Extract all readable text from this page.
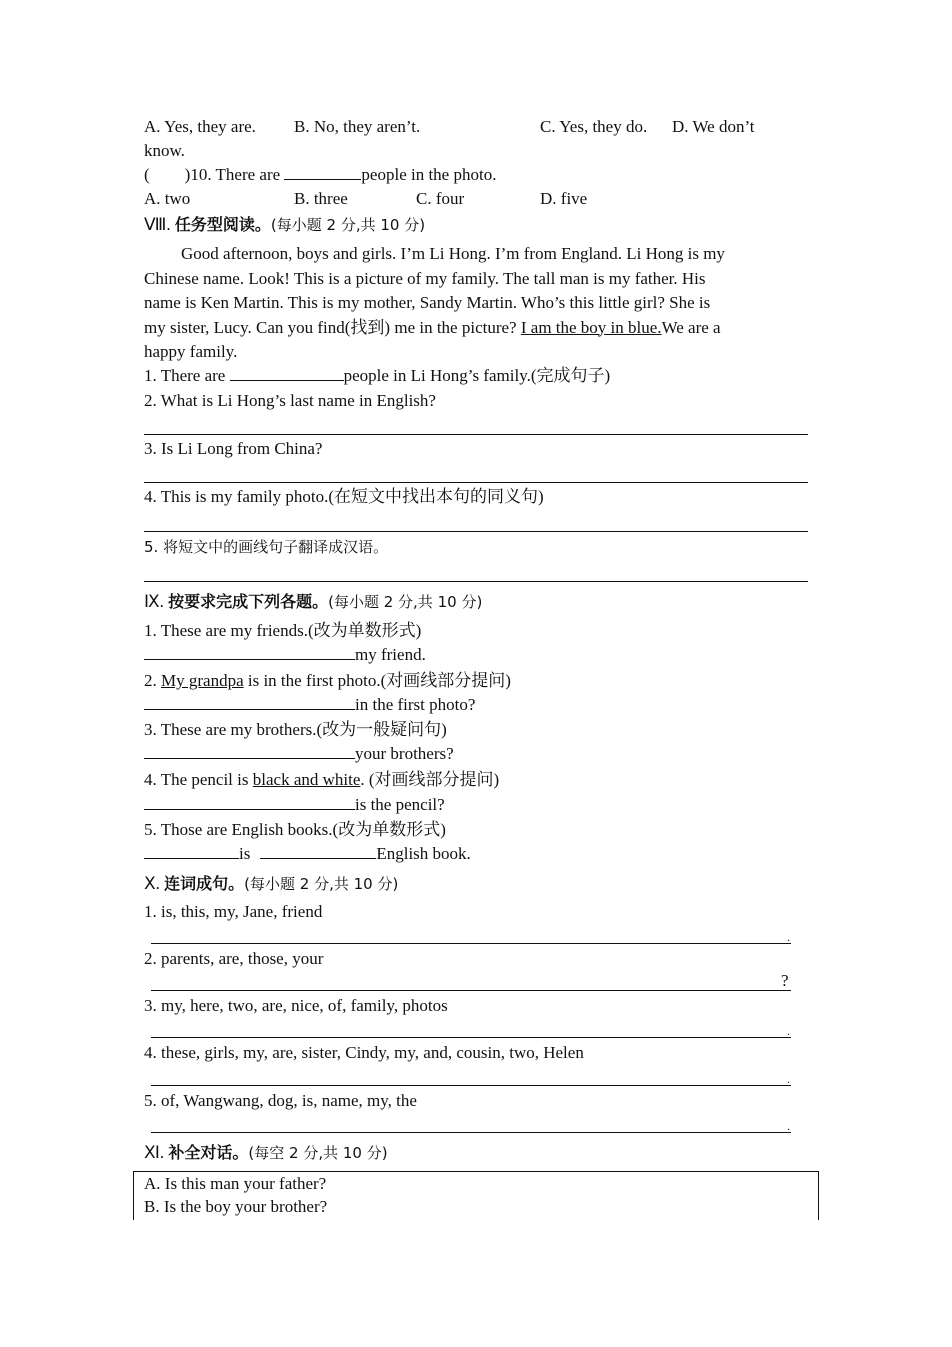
A. Yes, they are. B. No, they aren’t.	C. Yes, they do. D. We don’t
know.
( )10. There are	people in the photo.
A. two	B. three	C. four	D. five
Ⅷ. 任务型阅读。(每小题 2 分,共 10 分)
Good afternoon, boys and girls. I’m Li Hong. I’m from England. Li Hong is my
Chinese name. Look! This is a picture of my family. The tall man is my father. His
name is Ken Martin. This is my mother, Sandy Martin. Who’s this little girl? She is
my sister, Lucy. Can you find(找到) me in the picture? I am the boy in blue.We are a
happy family.
1. There are	people in Li Hong’s family.(完成句子)
2. What is Li Hong’s last name in English?
3. Is Li Long from China?
4. This is my family photo.(在短文中找出本句的同义句)
5. 将短文中的画线句子翻译成汉语。
Ⅸ. 按要求完成下列各题。(每小题 2 分,共 10 分)
1. These are my friends.(改为单数形式)
my friend.
2. My grandpa is in the first photo.(对画线部分提问)
in the first photo?
3. These are my brothers.(改为一般疑问句)
your brothers?
4. The pencil is black and white. (对画线部分提问)
is the pencil?
5. Those are English books.(改为单数形式)
is	English book.
Ⅹ. 连词成句。(每小题 2 分,共 10 分)
1. is, this, my, Jane, friend
.
2. parents, are, those, your
?
3. my, here, two, are, nice, of, family, photos
.
4. these, girls, my, are, sister, Cindy, my, and, cousin, two, Helen
.
5. of, Wangwang, dog, is, name, my, the
.
Ⅺ. 补全对话。(每空 2 分,共 10 分)
A. Is this man your father?
B. Is the boy your brother?
